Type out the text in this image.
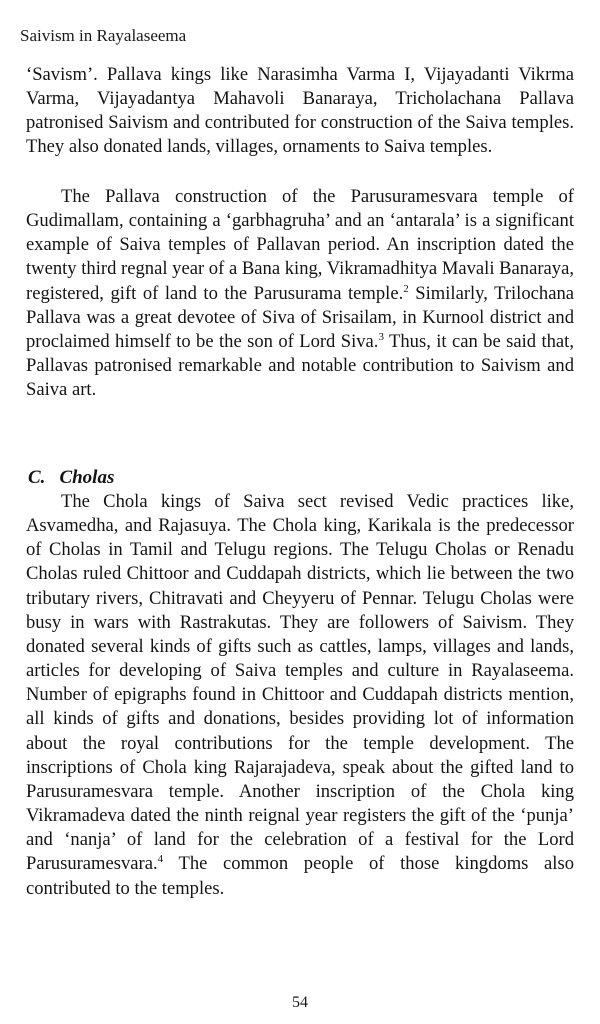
Saivism in Rayalaseema

‘Savism’. Pallava kings like Narasimha Varma I, Vijayadanti Vikrma Varma, Vijayadantya Mahavoli Banaraya, Tricholachana Pallava patronised Saivism and contributed for construction of the Saiva temples. They also donated lands, villages, ornaments to Saiva temples.

The Pallava construction of the Parusuramesvara temple of Gudimallam, containing a ‘garbhagruha’ and an ‘antarala’ is a significant example of Saiva temples of Pallavan period. An inscription dated the twenty third regnal year of a Bana king, Vikramadhitya Mavali Banaraya, registered, gift of land to the Parusurama temple.$^2$ Similarly, Trilochana Pallava was a great devotee of Siva of Srisailam, in Kurnool district and proclaimed himself to be the son of Lord Siva.$^3$ Thus, it can be said that, Pallavas patronised remarkable and notable contribution to Saivism and Saiva art.

C. Cholas

The Chola kings of Saiva sect revised Vedic practices like, Asvamedha, and Rajasuya. The Chola king, Karikala is the predecessor of Cholas in Tamil and Telugu regions. The Telugu Cholas or Renadu Cholas ruled Chittoor and Cuddapah districts, which lie between the two tributary rivers, Chitravati and Cheyyeru of Pennar. Telugu Cholas were busy in wars with Rastrakutas. They are followers of Saivism. They donated several kinds of gifts such as cattles, lamps, villages and lands, articles for developing of Saiva temples and culture in Rayalaseema. Number of epigraphs found in Chittoor and Cuddapah districts mention, all kinds of gifts and donations, besides providing lot of information about the royal contributions for the temple development. The inscriptions of Chola king Rajarajadeva, speak about the gifted land to Parusuramesvara temple. Another inscription of the Chola king Vikramadeva dated the ninth reignal year registers the gift of the ‘punja’ and ‘nanja’ of land for the celebration of a festival for the Lord Parusuramesvara.$^4$ The common people of those kingdoms also contributed to the temples.

54
